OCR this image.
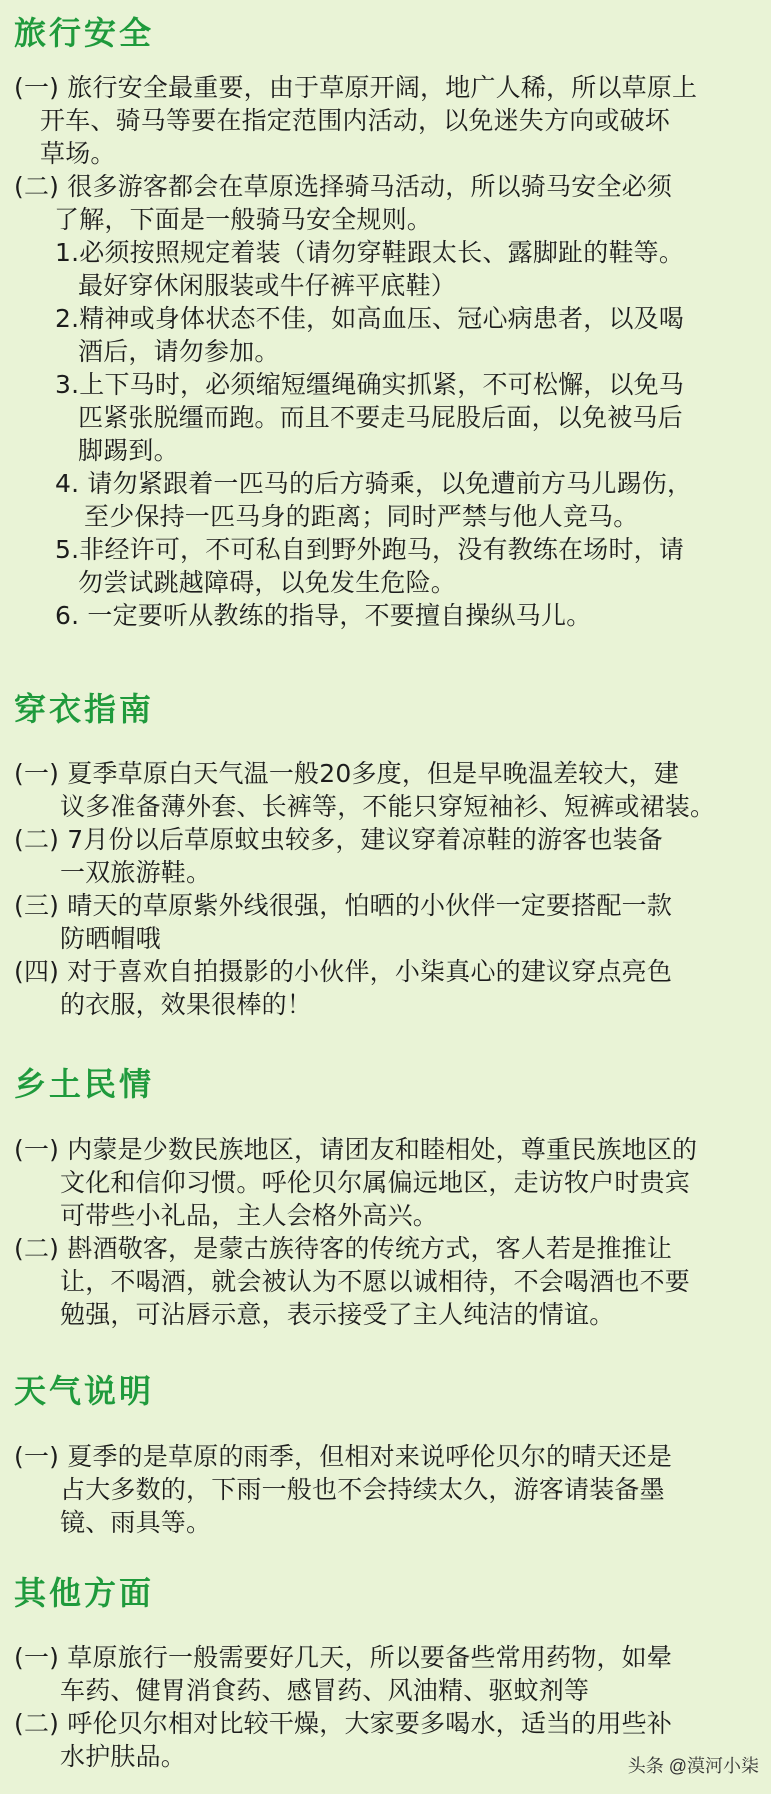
旅行安全
(一) 旅行安全最重要，由于草原开阔，地广人稀，所以草原上
开车、骑马等要在指定范围内活动，以免迷失方向或破坏
草场。
(二) 很多游客都会在草原选择骑马活动，所以骑马安全必须
了解，下面是一般骑马安全规则。
1.必须按照规定着装（请勿穿鞋跟太长、露脚趾的鞋等。
最好穿休闲服装或牛仔裤平底鞋）
2.精神或身体状态不佳，如高血压、冠心病患者，以及喝
酒后，请勿参加。
3.上下马时，必须缩短缰绳确实抓紧，不可松懈，以免马
匹紧张脱缰而跑。而且不要走马屁股后面，以免被马后
脚踢到。
4. 请勿紧跟着一匹马的后方骑乘，以免遭前方马儿踢伤，
至少保持一匹马身的距离；同时严禁与他人竞马。
5.非经许可，不可私自到野外跑马，没有教练在场时，请
勿尝试跳越障碍，以免发生危险。
6. 一定要听从教练的指导，不要擅自操纵马儿。
穿衣指南
(一) 夏季草原白天气温一般20多度，但是早晚温差较大，建
议多准备薄外套、长裤等，不能只穿短袖衫、短裤或裙装。
(二) 7月份以后草原蚊虫较多，建议穿着凉鞋的游客也装备
一双旅游鞋。
(三) 晴天的草原紫外线很强，怕晒的小伙伴一定要搭配一款
防晒帽哦
(四) 对于喜欢自拍摄影的小伙伴，小柒真心的建议穿点亮色
的衣服，效果很棒的！
乡土民情
(一) 内蒙是少数民族地区，请团友和睦相处，尊重民族地区的
文化和信仰习惯。呼伦贝尔属偏远地区，走访牧户时贵宾
可带些小礼品，主人会格外高兴。
(二) 斟酒敬客，是蒙古族待客的传统方式，客人若是推推让
让，不喝酒，就会被认为不愿以诚相待，不会喝酒也不要
勉强，可沾唇示意，表示接受了主人纯洁的情谊。
天气说明
(一) 夏季的是草原的雨季，但相对来说呼伦贝尔的晴天还是
占大多数的，下雨一般也不会持续太久，游客请装备墨
镜、雨具等。
其他方面
(一) 草原旅行一般需要好几天，所以要备些常用药物，如晕
车药、健胃消食药、感冒药、风油精、驱蚊剂等
(二) 呼伦贝尔相对比较干燥，大家要多喝水，适当的用些补
水护肤品。	头条 @漠河小柒
